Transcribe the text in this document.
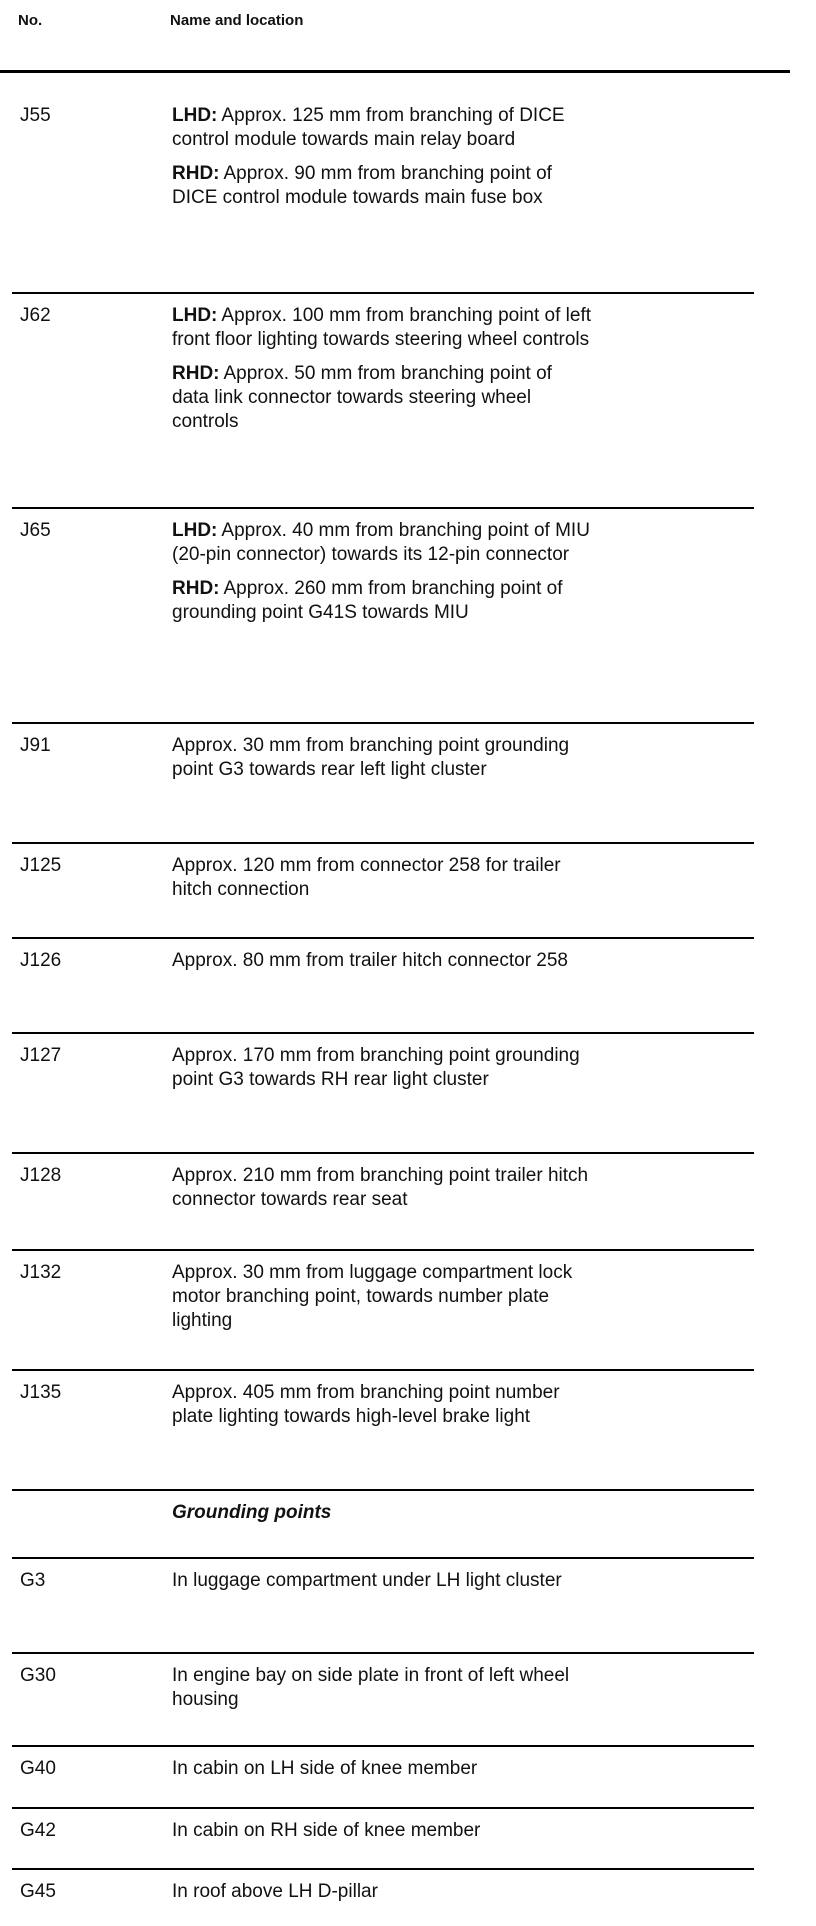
No.	Name and location
J55	LHD: Approx. 125 mm from branching of DICE control module towards main relay board
RHD: Approx. 90 mm from branching point of DICE control module towards main fuse box
J62	LHD: Approx. 100 mm from branching point of left front floor lighting towards steering wheel controls
RHD: Approx. 50 mm from branching point of data link connector towards steering wheel controls
J65	LHD: Approx. 40 mm from branching point of MIU (20-pin connector) towards its 12-pin connector
RHD: Approx. 260 mm from branching point of grounding point G41S towards MIU
J91	Approx. 30 mm from branching point grounding point G3 towards rear left light cluster
J125	Approx. 120 mm from connector 258 for trailer hitch connection
J126	Approx. 80 mm from trailer hitch connector 258
J127	Approx. 170 mm from branching point grounding point G3 towards RH rear light cluster
J128	Approx. 210 mm from branching point trailer hitch connector towards rear seat
J132	Approx. 30 mm from luggage compartment lock motor branching point, towards number plate lighting
J135	Approx. 405 mm from branching point number plate lighting towards high-level brake light
Grounding points
G3	In luggage compartment under LH light cluster
G30	In engine bay on side plate in front of left wheel housing
G40	In cabin on LH side of knee member
G42	In cabin on RH side of knee member
G45	In roof above LH D-pillar
